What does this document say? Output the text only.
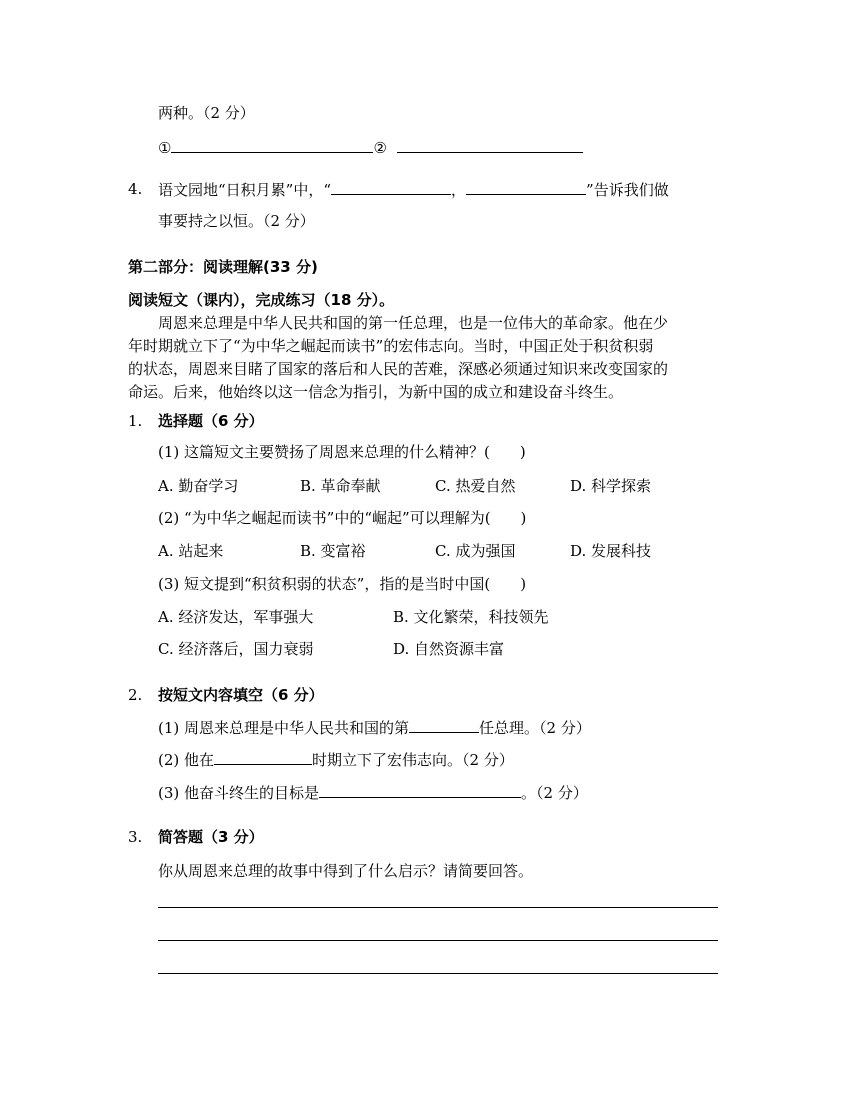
两种。（2 分）
①	②
4. 语文园地“日积月累”中，“	，	”告诉我们做
事要持之以恒。（2 分）
第二部分：阅读理解(33 分)
阅读短文（课内），完成练习（18 分）。
周恩来总理是中华人民共和国的第一任总理，也是一位伟大的革命家。他在少
年时期就立下了“为中华之崛起而读书”的宏伟志向。当时，中国正处于积贫积弱
的状态，周恩来目睹了国家的落后和人民的苦难，深感必须通过知识来改变国家的
命运。后来，他始终以这一信念为指引，为新中国的成立和建设奋斗终生。
1. 选择题（6 分）
(1) 这篇短文主要赞扬了周恩来总理的什么精神？(　　)
A. 勤奋学习	B. 革命奉献	C. 热爱自然	D. 科学探索
(2) “为中华之崛起而读书”中的“崛起”可以理解为(　　)
A. 站起来	B. 变富裕	C. 成为强国	D. 发展科技
(3) 短文提到“积贫积弱的状态”，指的是当时中国(　　)
A. 经济发达，军事强大	B. 文化繁荣，科技领先
C. 经济落后，国力衰弱	D. 自然资源丰富
2. 按短文内容填空（6 分）
(1) 周恩来总理是中华人民共和国的第	任总理。（2 分）
(2) 他在	时期立下了宏伟志向。（2 分）
(3) 他奋斗终生的目标是	。（2 分）
3. 简答题（3 分）
你从周恩来总理的故事中得到了什么启示？请简要回答。
